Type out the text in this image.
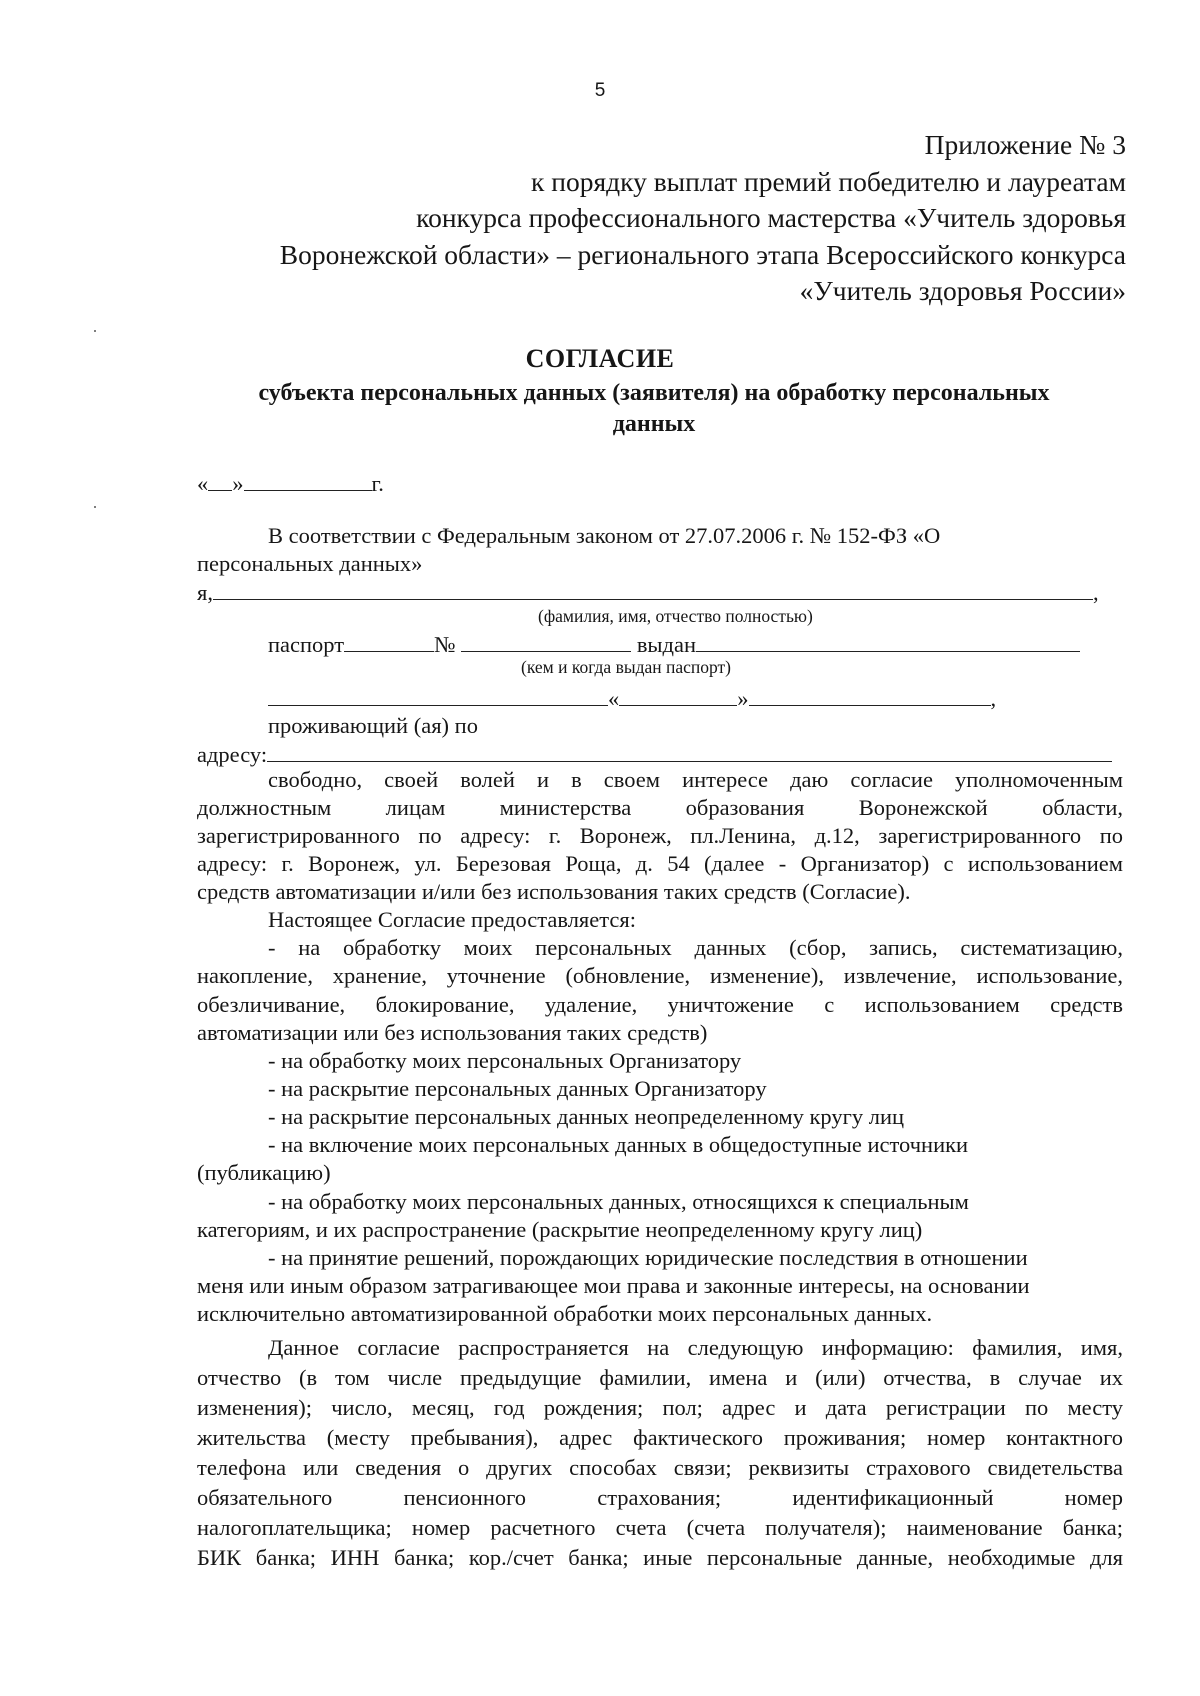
5
Приложение № 3
к порядку выплат премий победителю и лауреатам
конкурса профессионального мастерства «Учитель здоровья
Воронежской области» – регионального этапа Всероссийского конкурса
«Учитель здоровья России»
СОГЛАСИЕ
субъекта персональных данных (заявителя) на обработку персональных данных
« »	г.
В соответствии с Федеральным законом от 27.07.2006 г. № 152-ФЗ «О
персональных данных»
я,	,
(фамилия, имя, отчество полностью)
паспорт	№	выдан
(кем и когда выдан паспорт)
«	»	,
проживающий (ая) по
адресу:
свободно, своей волей и в своем интересе даю согласие уполномоченным
должностным лицам министерства образования Воронежской области,
зарегистрированного по адресу: г. Воронеж, пл.Ленина, д.12, зарегистрированного по
адресу: г. Воронеж, ул. Березовая Роща, д. 54 (далее - Организатор) с использованием
средств автоматизации и/или без использования таких средств (Согласие).
Настоящее Согласие предоставляется:
- на обработку моих персональных данных (сбор, запись, систематизацию,
накопление, хранение, уточнение (обновление, изменение), извлечение, использование,
обезличивание, блокирование, удаление, уничтожение с использованием средств
автоматизации или без использования таких средств)
- на обработку моих персональных Организатору
- на раскрытие персональных данных Организатору
- на раскрытие персональных данных неопределенному кругу лиц
- на включение моих персональных данных в общедоступные источники
(публикацию)
- на обработку моих персональных данных, относящихся к специальным
категориям, и их распространение (раскрытие неопределенному кругу лиц)
- на принятие решений, порождающих юридические последствия в отношении
меня или иным образом затрагивающее мои права и законные интересы, на основании
исключительно автоматизированной обработки моих персональных данных.
Данное согласие распространяется на следующую информацию: фамилия, имя,
отчество (в том числе предыдущие фамилии, имена и (или) отчества, в случае их
изменения); число, месяц, год рождения; пол; адрес и дата регистрации по месту
жительства (месту пребывания), адрес фактического проживания; номер контактного
телефона или сведения о других способах связи; реквизиты страхового свидетельства
обязательного пенсионного страхования; идентификационный номер
налогоплательщика; номер расчетного счета (счета получателя); наименование банка;
БИК банка; ИНН банка; кор./счет банка; иные персональные данные, необходимые для
